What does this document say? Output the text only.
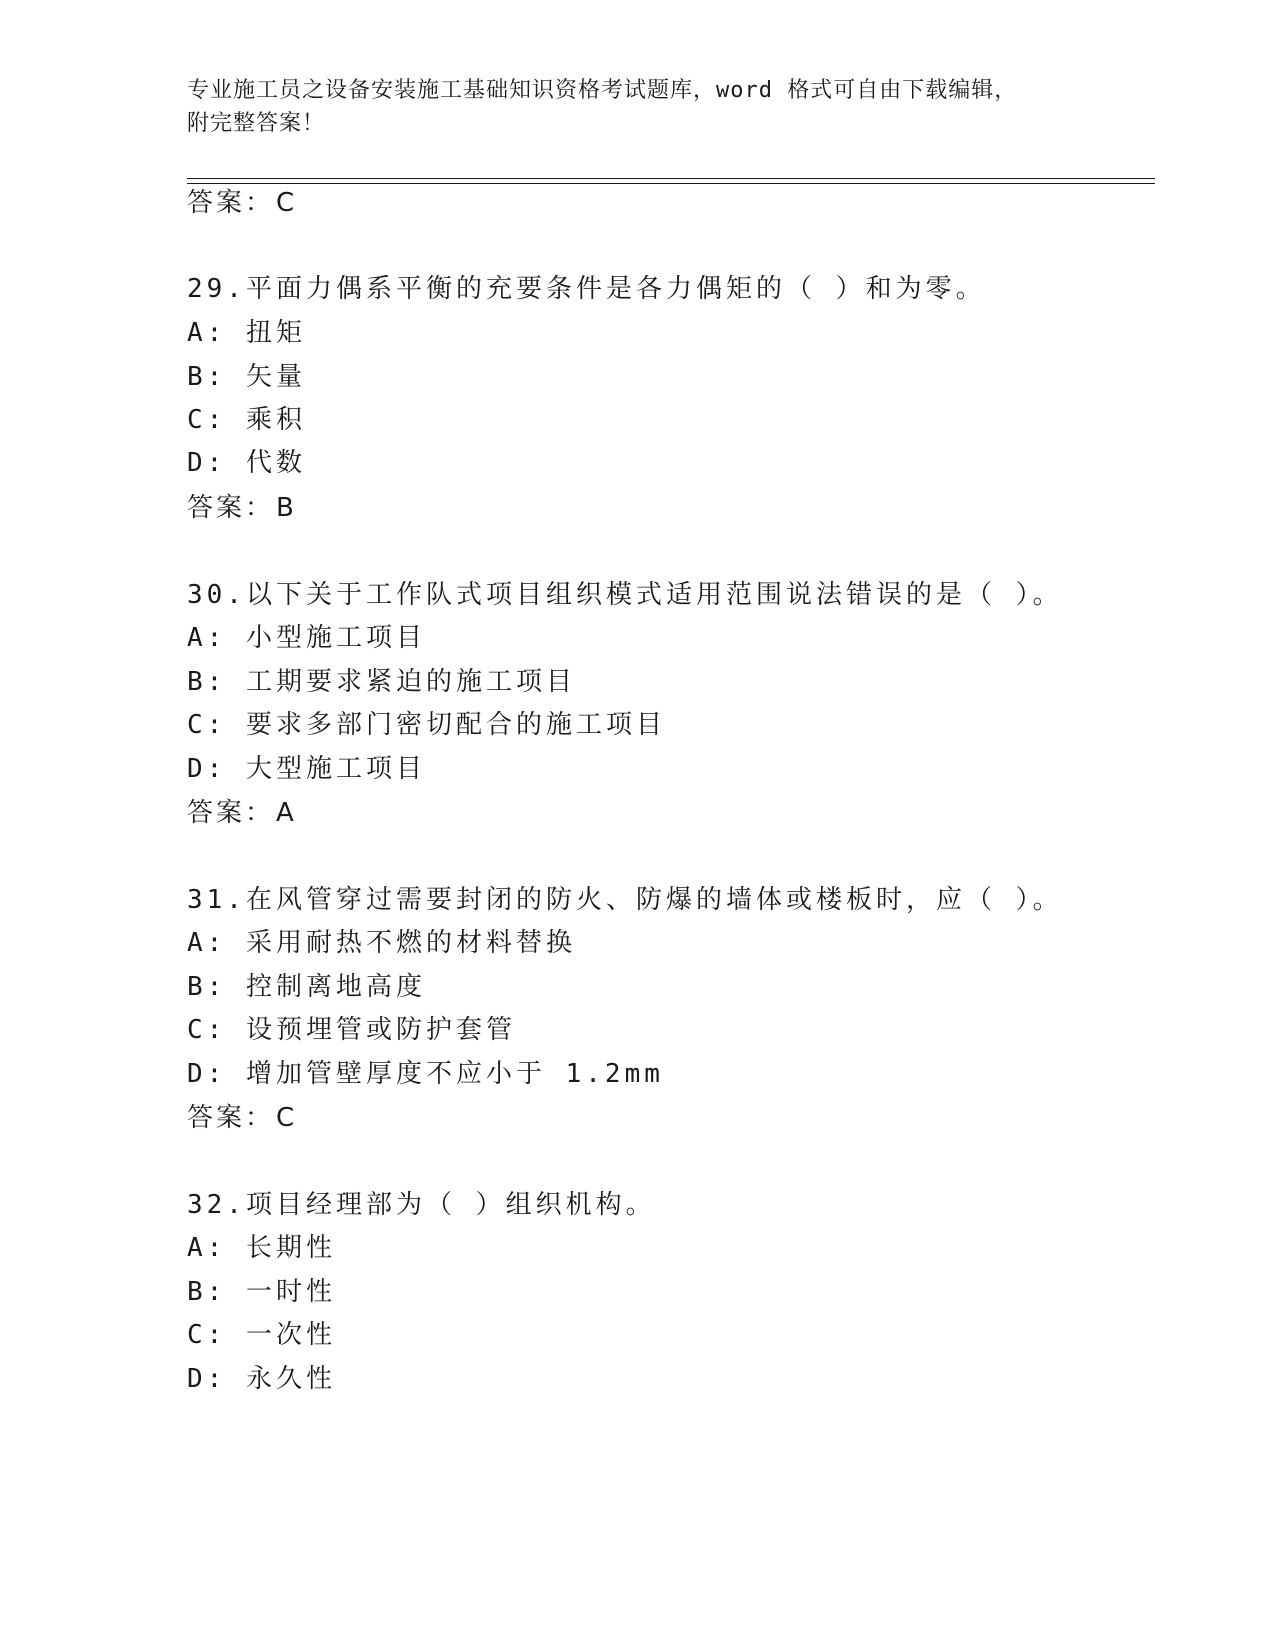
专业施工员之设备安装施工基础知识资格考试题库，word 格式可自由下载编辑，
附完整答案！
答案：C
29.平面力偶系平衡的充要条件是各力偶矩的（ ）和为零。
A: 扭矩
B: 矢量
C: 乘积
D: 代数
答案：B
30.以下关于工作队式项目组织模式适用范围说法错误的是（ ）。
A: 小型施工项目
B: 工期要求紧迫的施工项目
C: 要求多部门密切配合的施工项目
D: 大型施工项目
答案：A
31.在风管穿过需要封闭的防火、防爆的墙体或楼板时，应（ ）。
A: 采用耐热不燃的材料替换
B: 控制离地高度
C: 设预埋管或防护套管
D: 增加管壁厚度不应小于 1.2mm
答案：C
32.项目经理部为（ ）组织机构。
A: 长期性
B: 一时性
C: 一次性
D: 永久性
